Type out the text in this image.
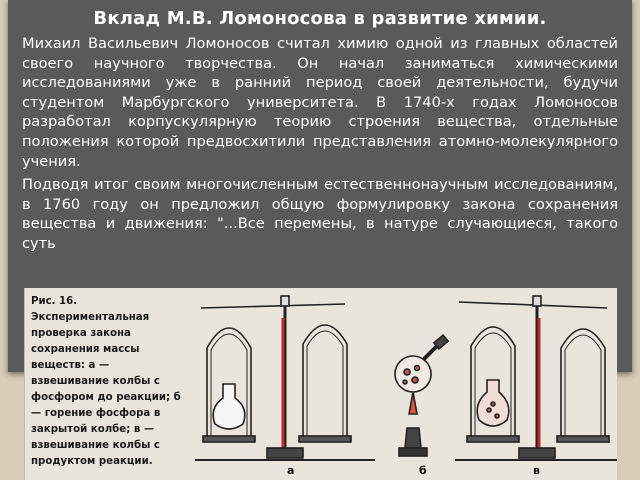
Вклад М.В. Ломоносова в развитие химии.

Михаил Васильевич Ломоносов считал химию одной из главных областей своего научного творчества. Он начал заниматься химическими исследованиями уже в ранний период своей деятельности, будучи студентом Марбургского университета. В 1740-х годах Ломоносов разработал корпускулярную теорию строения вещества, отдельные положения которой предвосхитили представления атомно-молекулярного учения.

Подводя итог своим многочисленным естественнонаучным исследованиям, в 1760 году он предложил общую формулировку закона сохранения вещества и движения: "...Все перемены, в натуре случающиеся, такого суть

Рис. 16. Экспериментальная проверка закона сохранения массы веществ: а — взвешивание колбы с фосфором до реакции; б — горение фосфора в закрытой колбе; в — взвешивание колбы с продуктом реакции.
а	б	в
